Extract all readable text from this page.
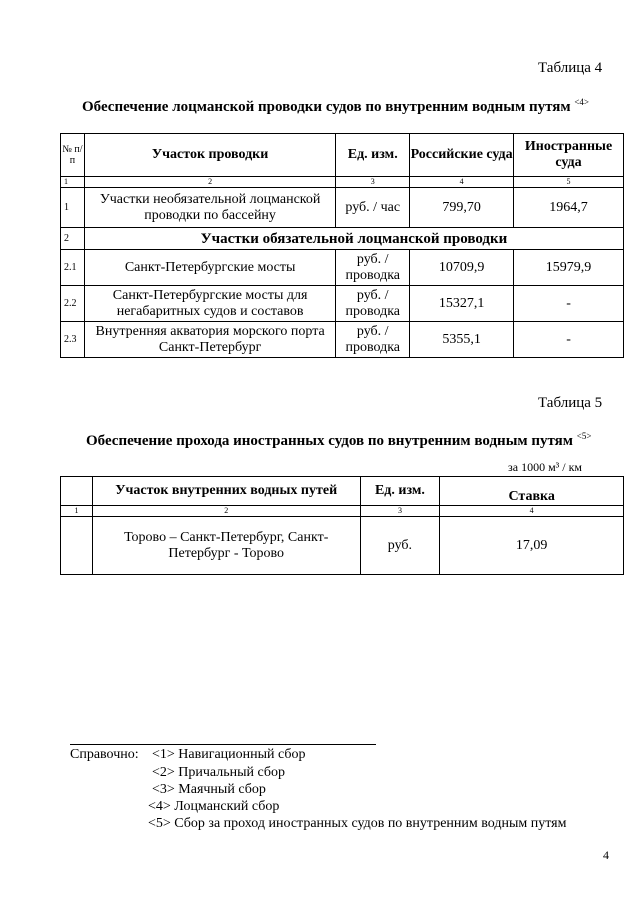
Таблица 4
Обеспечение лоцманской проводки судов по внутренним водным путям $^{<4>}$
№ п/п	Участок проводки	Ед. изм.	Российские суда	Иностранные суда
1	2	3	4	5
1	Участки необязательной лоцманской проводки по бассейну	руб. / час	799,70	1964,7
2	Участки обязательной лоцманской проводки			
2.1	Санкт-Петербургские мосты	руб. / проводка	10709,9	15979,9
2.2	Санкт-Петербургские мосты для негабаритных судов и составов	руб. / проводка	15327,1	-
2.3	Внутренняя акватория морского порта Санкт-Петербург	руб. / проводка	5355,1	-
Таблица 5
Обеспечение прохода иностранных судов по внутренним водным путям $^{<5>}$
за 1000 м³ / км
	Участок внутренних водных путей	Ед. изм.	Ставка
1	2	3	4
	Торово – Санкт-Петербург, Санкт-Петербург - Торово	руб.	17,09
Справочно: <1> Навигационный сбор
<2> Причальный сбор
<3> Маячный сбор
<4> Лоцманский сбор
<5> Сбор за проход иностранных судов по внутренним водным путям
4
